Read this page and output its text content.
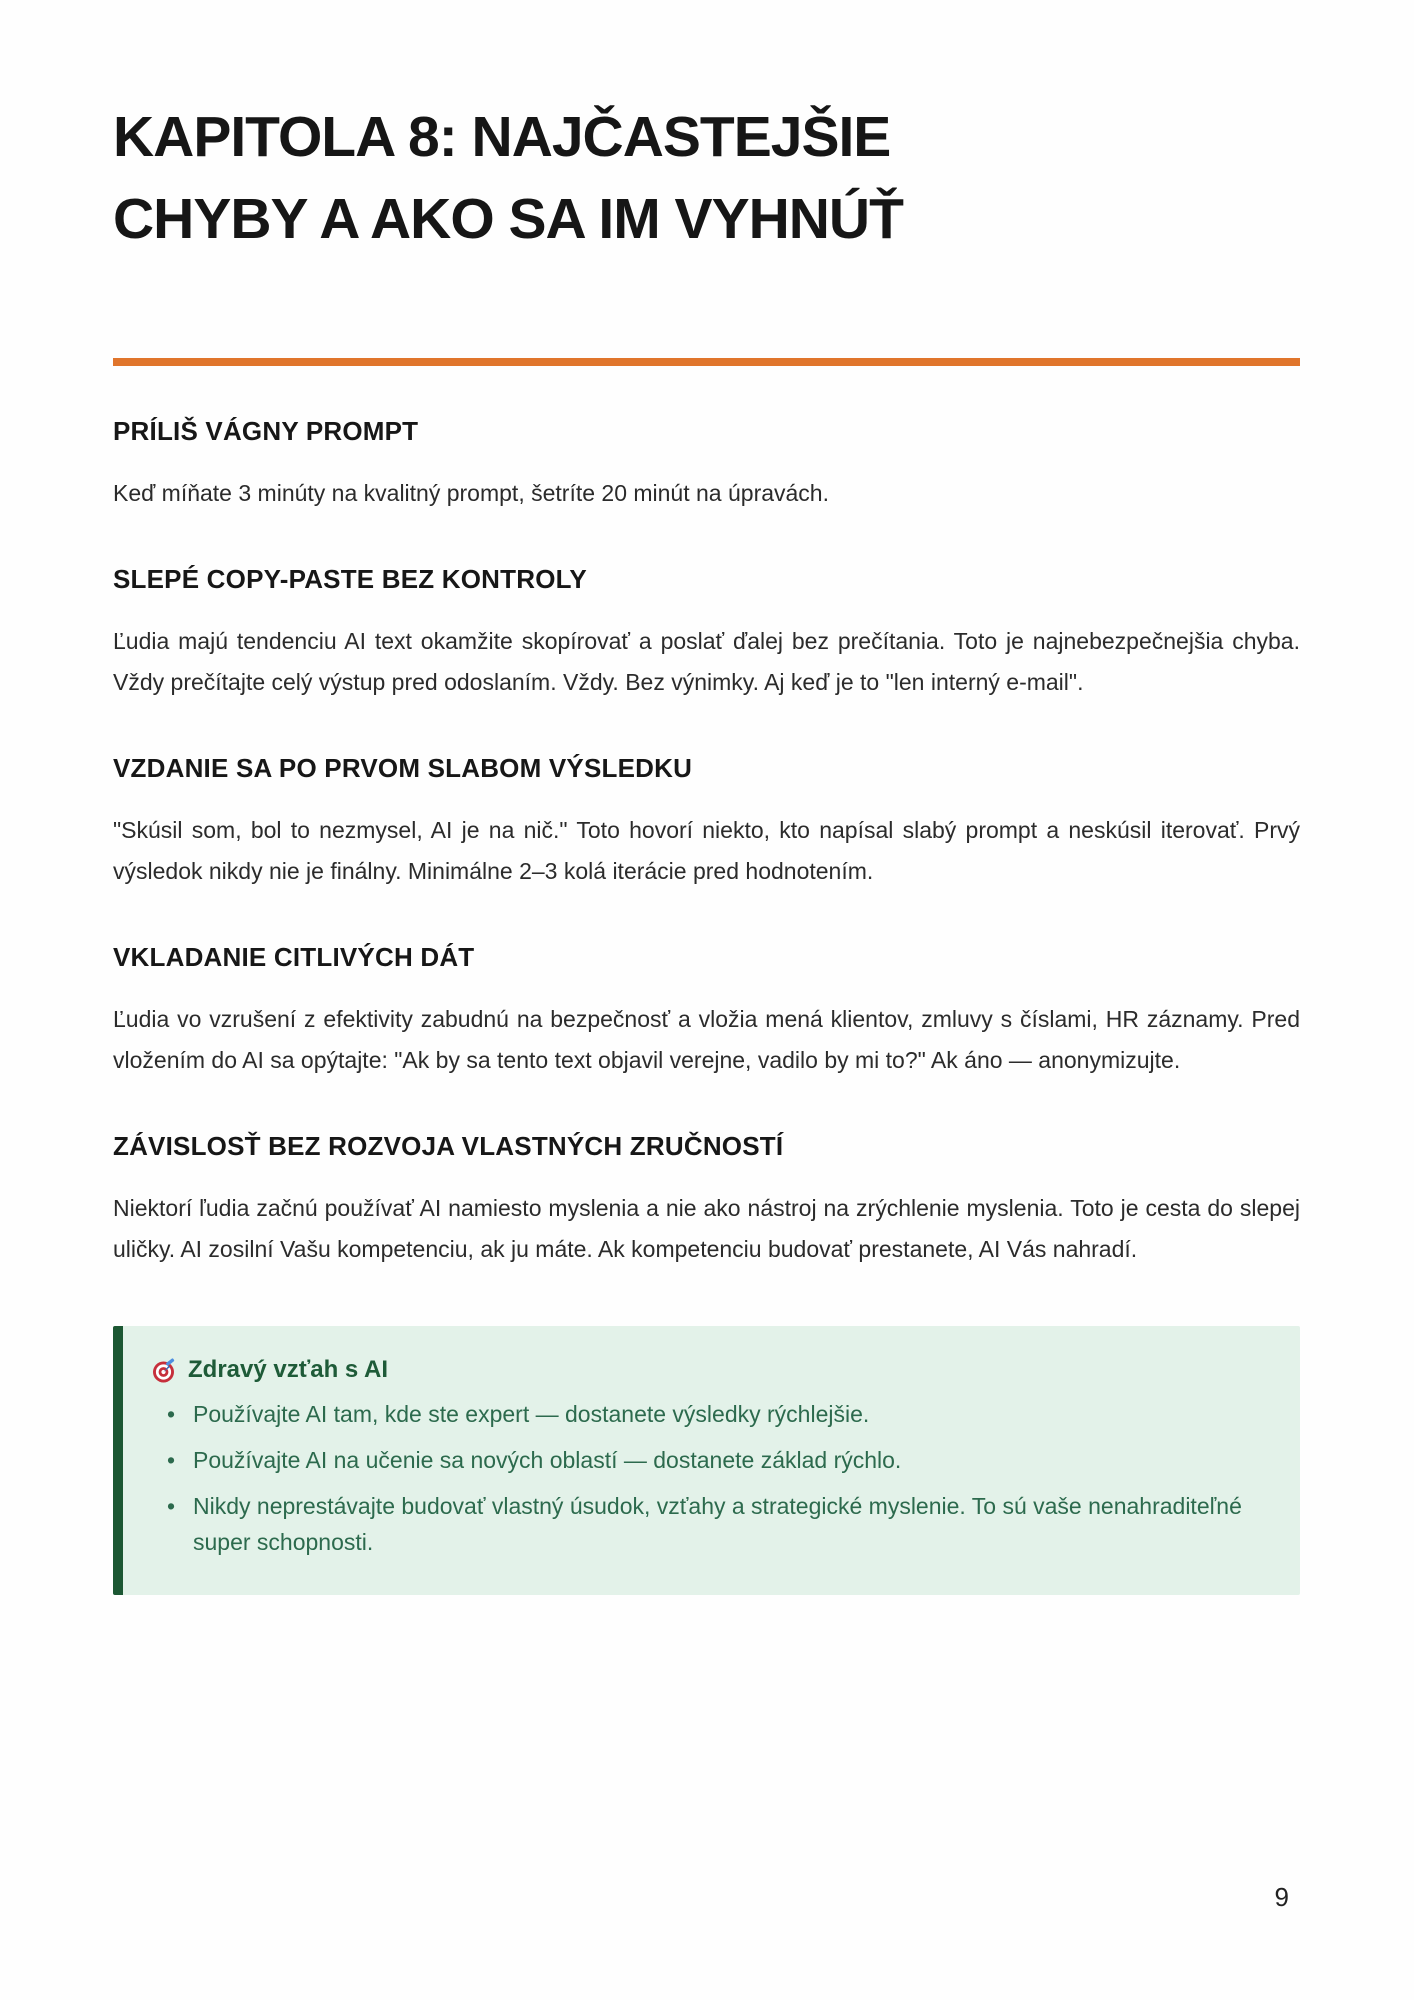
KAPITOLA 8: NAJČASTEJŠIE CHYBY A AKO SA IM VYHNÚŤ
PRÍLIŠ VÁGNY PROMPT

Keď míňate 3 minúty na kvalitný prompt, šetríte 20 minút na úpravách.

SLEPÉ COPY-PASTE BEZ KONTROLY

Ľudia majú tendenciu AI text okamžite skopírovať a poslať ďalej bez prečítania. Toto je najnebezpečnejšia chyba. Vždy prečítajte celý výstup pred odoslaním. Vždy. Bez výnimky. Aj keď je to "len interný e-mail".

VZDANIE SA PO PRVOM SLABOM VÝSLEDKU

"Skúsil som, bol to nezmysel, AI je na nič." Toto hovorí niekto, kto napísal slabý prompt a neskúsil iterovať. Prvý výsledok nikdy nie je finálny. Minimálne 2–3 kolá iterácie pred hodnotením.

VKLADANIE CITLIVÝCH DÁT

Ľudia vo vzrušení z efektivity zabudnú na bezpečnosť a vložia mená klientov, zmluvy s číslami, HR záznamy. Pred vložením do AI sa opýtajte: "Ak by sa tento text objavil verejne, vadilo by mi to?" Ak áno — anonymizujte.

ZÁVISLOSŤ BEZ ROZVOJA VLASTNÝCH ZRUČNOSTÍ

Niektorí ľudia začnú používať AI namiesto myslenia a nie ako nástroj na zrýchlenie myslenia. Toto je cesta do slepej uličky. AI zosilní Vašu kompetenciu, ak ju máte. Ak kompetenciu budovať prestanete, AI Vás nahradí.

Zdravý vzťah s AI
• Používajte AI tam, kde ste expert — dostanete výsledky rýchlejšie.
• Používajte AI na učenie sa nových oblastí — dostanete základ rýchlo.
• Nikdy neprestávajte budovať vlastný úsudok, vzťahy a strategické myslenie. To sú vaše nenahraditeľné super schopnosti.
9
